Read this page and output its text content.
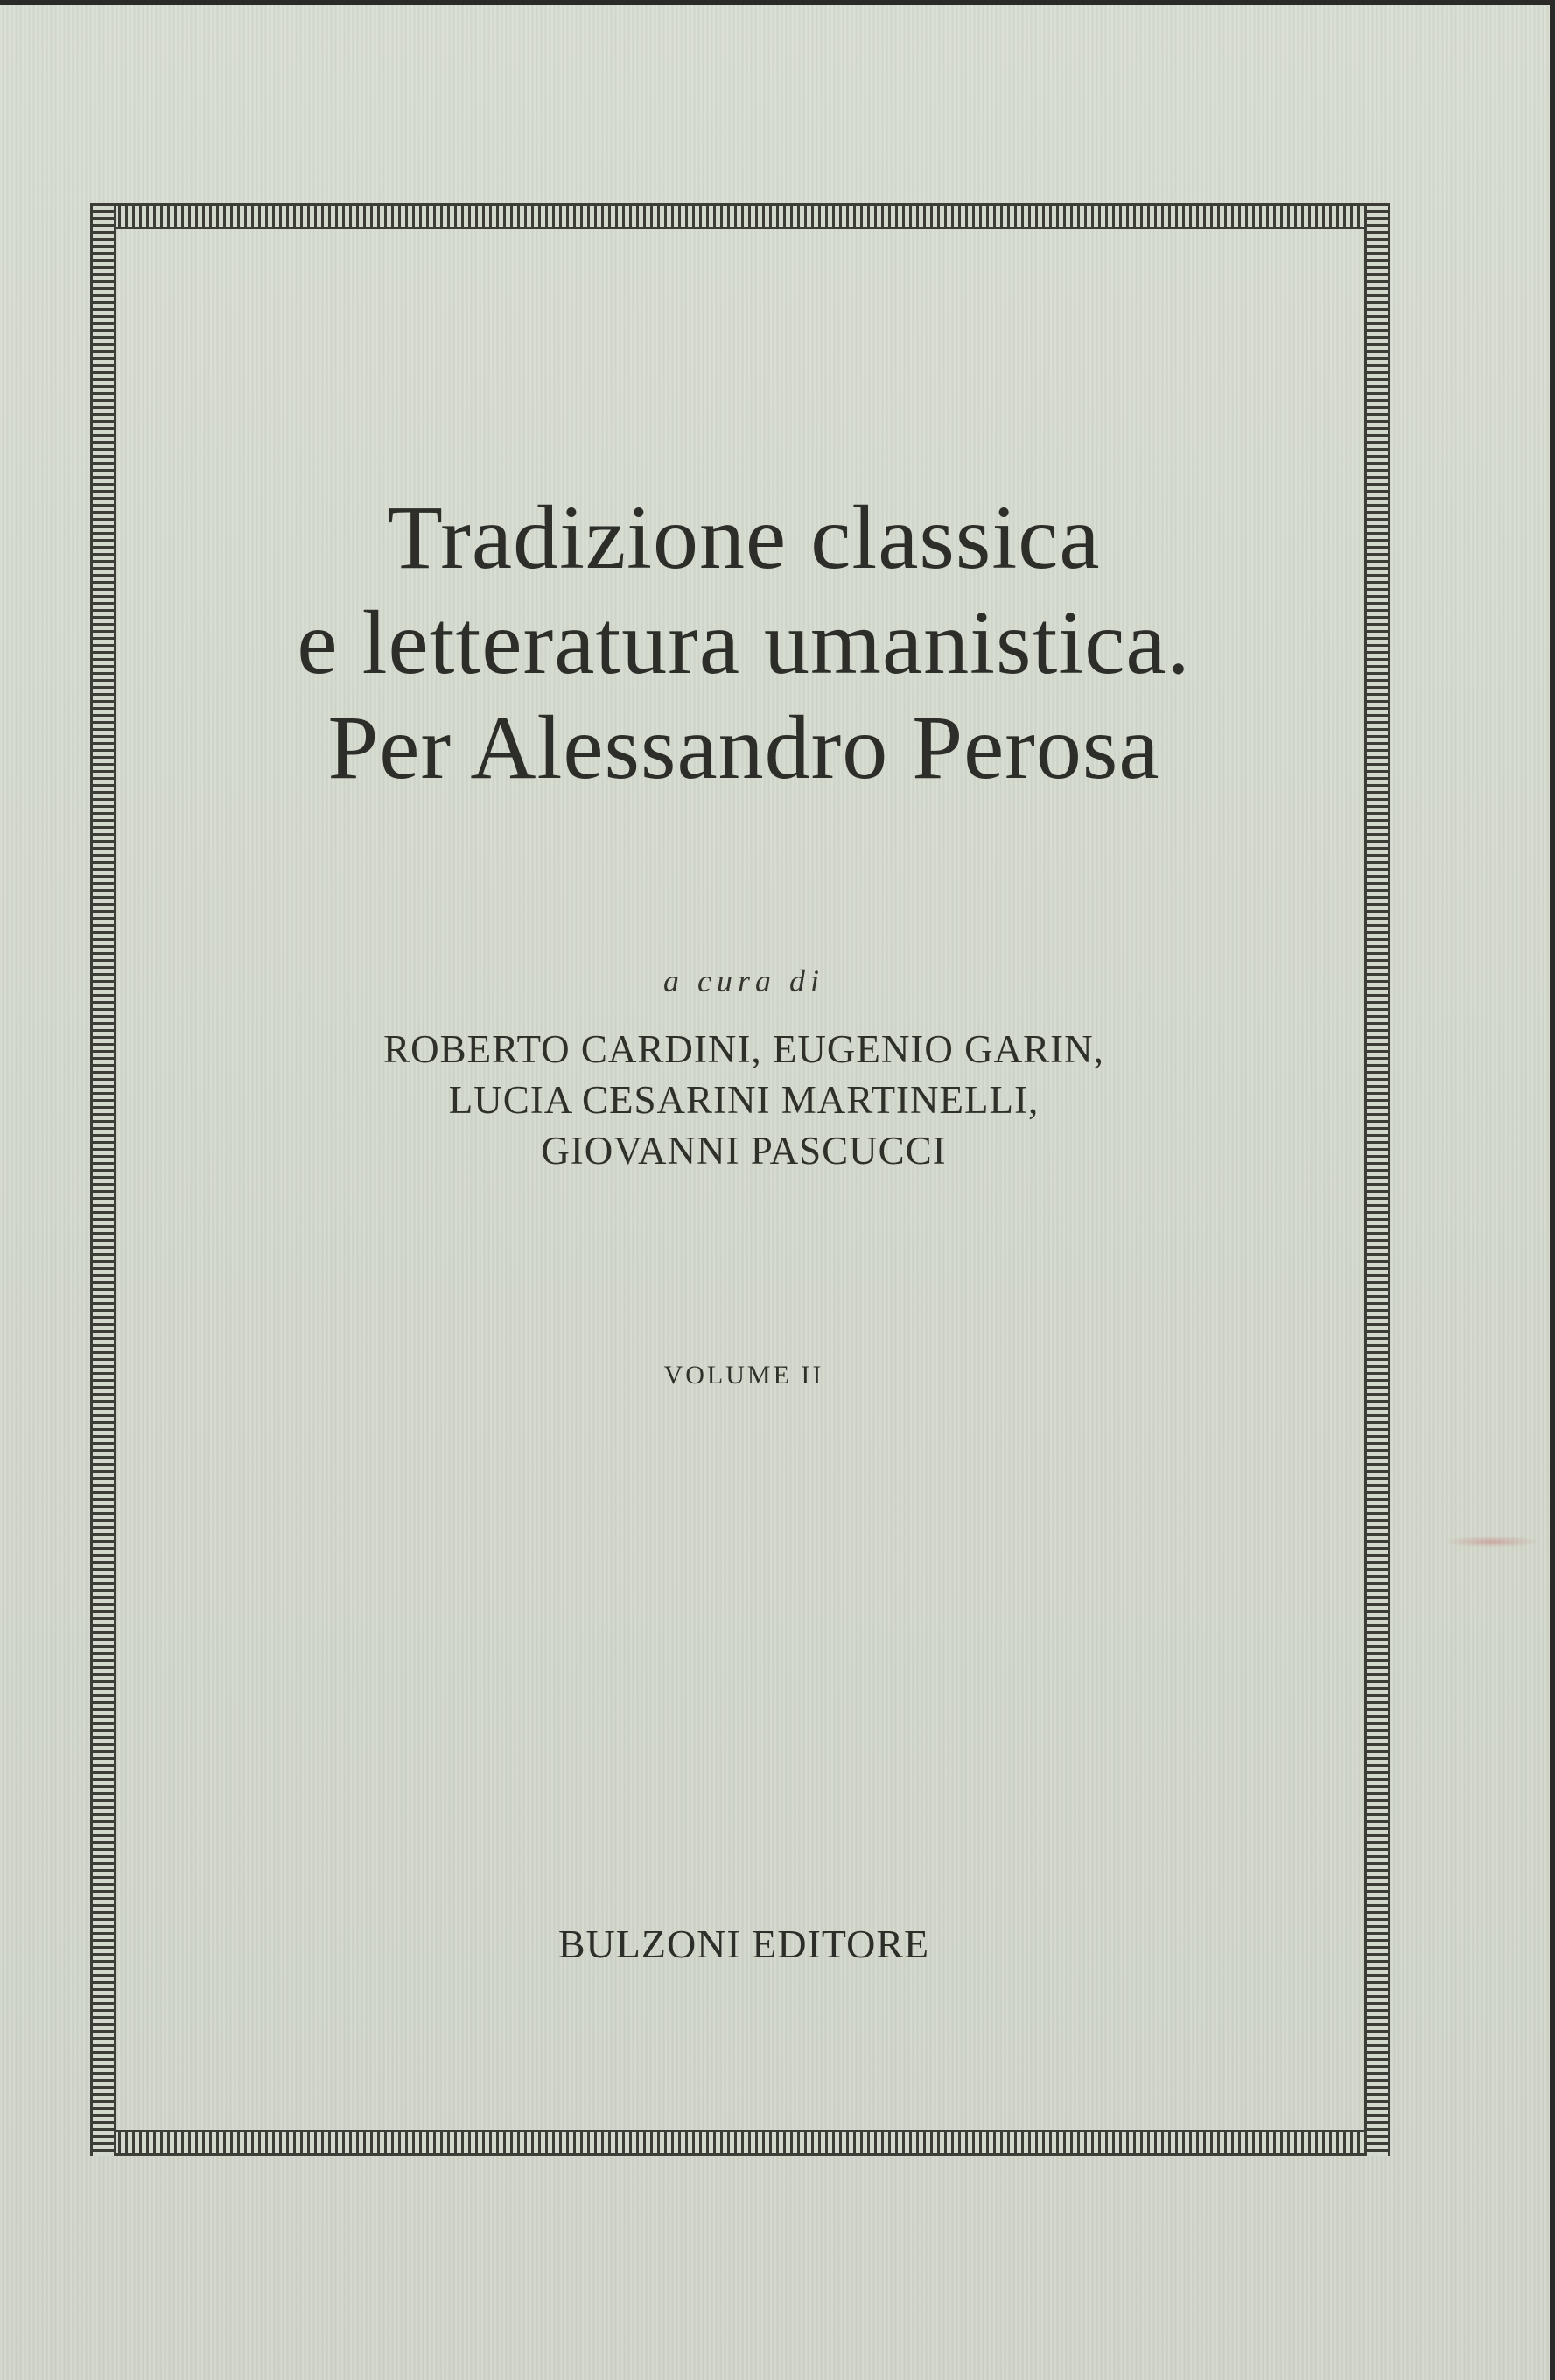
Tradizione classica
e letteratura umanistica.
Per Alessandro Perosa
a cura di
ROBERTO CARDINI, EUGENIO GARIN,
LUCIA CESARINI MARTINELLI,
GIOVANNI PASCUCCI
VOLUME II
BULZONI EDITORE
